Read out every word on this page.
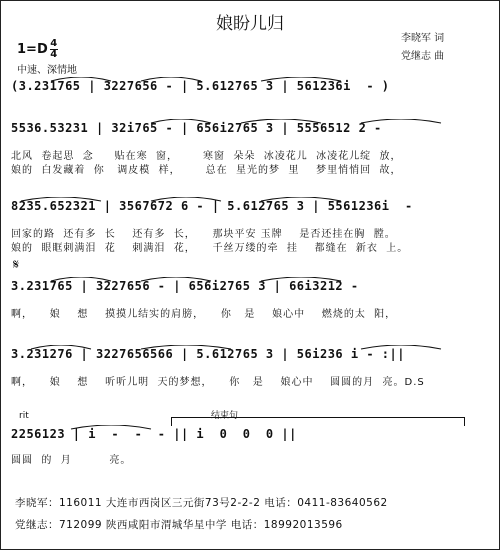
娘盼儿归
李晓军 词
党继志 曲
$1=D \frac{4}{4}$
中速、深情地
(3.231765 | 3227656 - | 5.612765 3 | 561236i  - )
5536.53231 | 32i765 - | 656i2765 3 | 5556512 2 -
北风  卷起思  念     贴在寒  窗，      寒窗  朵朵  冰凌花儿  冰凌花儿绽  放，
娘的  白发藏着  你   调皮模  样，      总在  星光的梦  里    梦里悄悄回  故，
8235.652321 | 3567672 6 - | 5.612765 3 | 5561236i  -
回家的路  还有多  长    还有多  长，    那块平安 玉牌    是否还挂在胸  膛。
娘的  眼眶刺满泪  花    刺满泪  花，    千丝万缕的牵  挂    都缝在  新衣  上。
𝄋
3.231765 | 3227656 - | 656i2765 3 | 66i3212 -
啊，    娘    想    摸摸儿结实的肩膀，    你   是    娘心中    燃烧的太  阳，
3.231276 | 3227656566 | 5.612765 3 | 56i236 i - :||
啊，    娘    想    听听儿明  天的梦想，    你   是    娘心中    圆圆的月  亮。D.S
rit	结束句
2256123 | i  -  -  - || i  0  0  0 ||
圆圆  的  月         亮。
李晓军：116011 大连市西岗区三元街73号2-2-2 电话：0411-83640562
党继志：712099 陕西咸阳市渭城华星中学 电话：18992013596
